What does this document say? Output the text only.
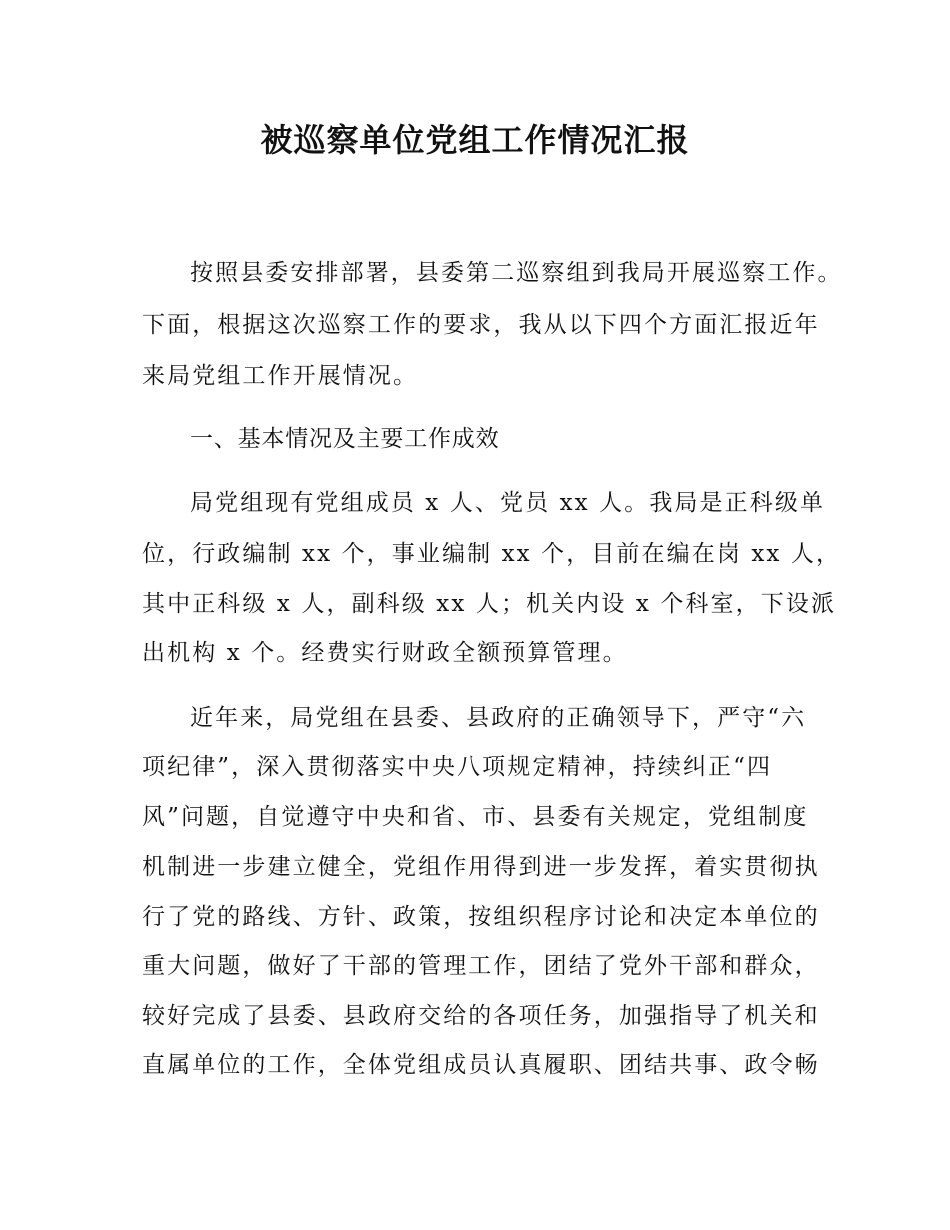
被巡察单位党组工作情况汇报
按照县委安排部署，县委第二巡察组到我局开展巡察工作。
下面，根据这次巡察工作的要求，我从以下四个方面汇报近年
来局党组工作开展情况。
一、基本情况及主要工作成效
局党组现有党组成员 x 人、党员 xx 人。我局是正科级单
位，行政编制 xx 个，事业编制 xx 个，目前在编在岗 xx 人，
其中正科级 x 人，副科级 xx 人；机关内设 x 个科室，下设派
出机构 x 个。经费实行财政全额预算管理。
近年来，局党组在县委、县政府的正确领导下，严守“六
项纪律”，深入贯彻落实中央八项规定精神，持续纠正“四
风”问题，自觉遵守中央和省、市、县委有关规定，党组制度
机制进一步建立健全，党组作用得到进一步发挥，着实贯彻执
行了党的路线、方针、政策，按组织程序讨论和决定本单位的
重大问题，做好了干部的管理工作，团结了党外干部和群众，
较好完成了县委、县政府交给的各项任务，加强指导了机关和
直属单位的工作，全体党组成员认真履职、团结共事、政令畅
